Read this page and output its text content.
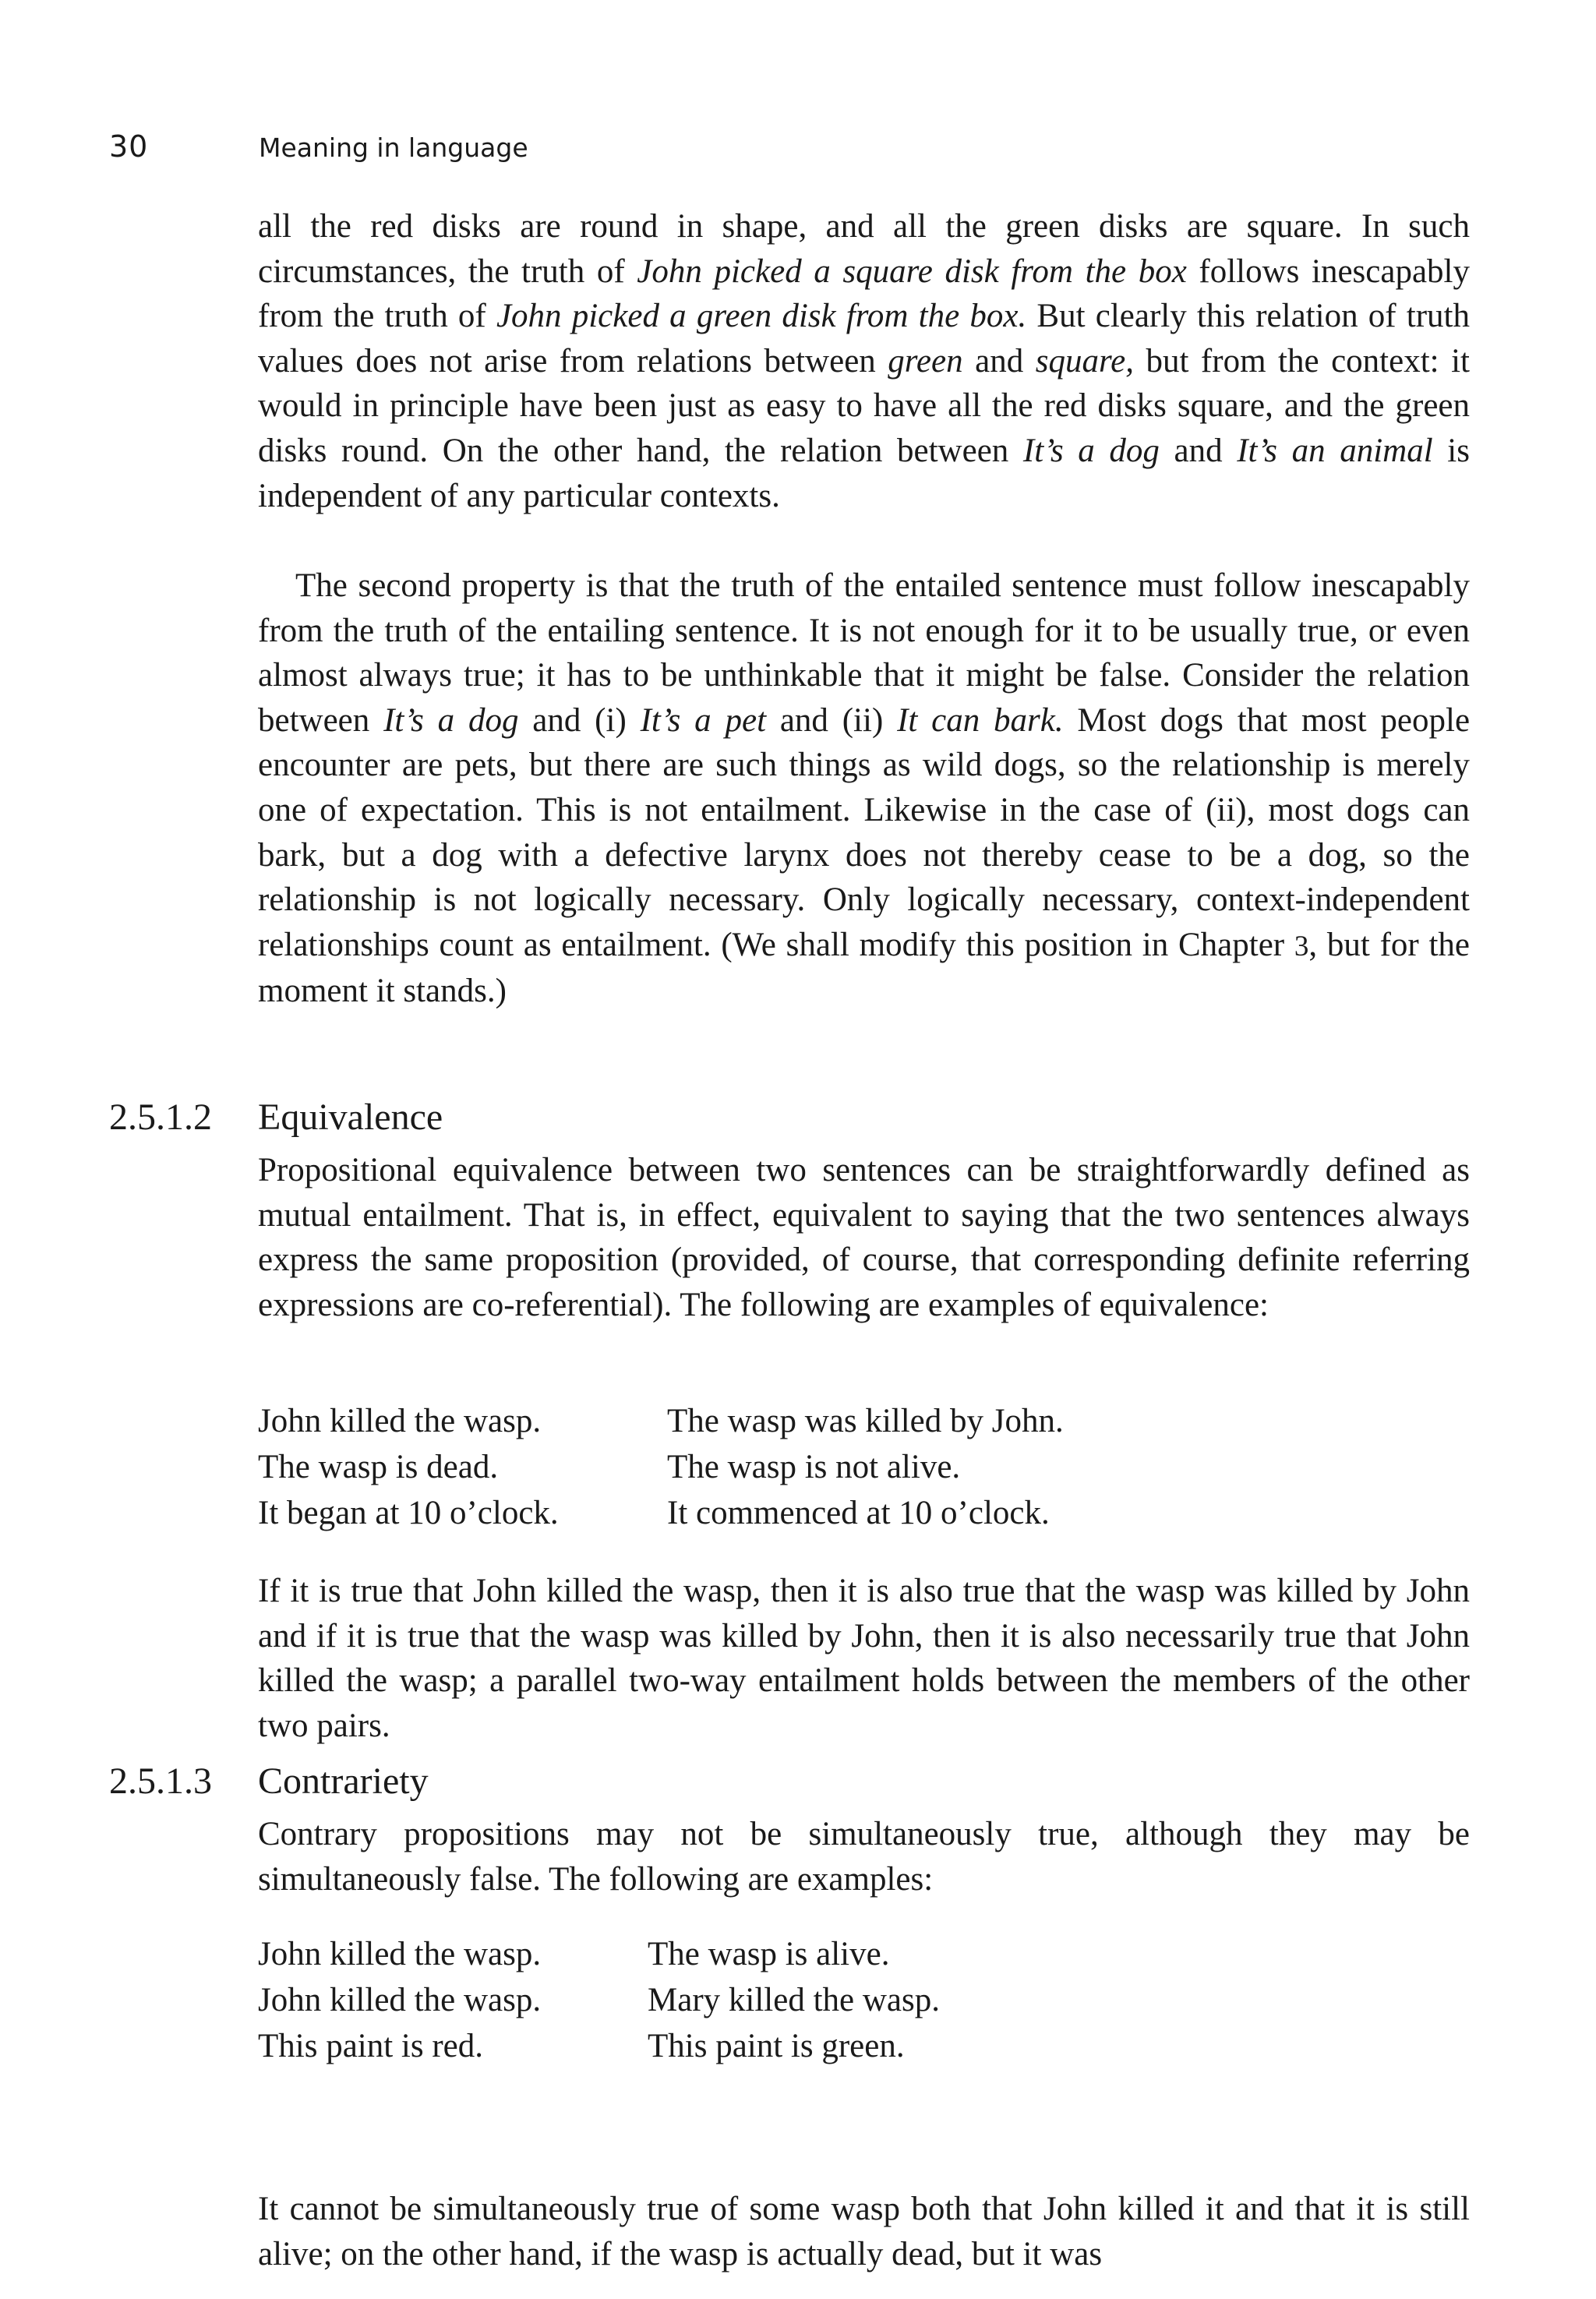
30	Meaning in language

all the red disks are round in shape, and all the green disks are square. In such circumstances, the truth of John picked a square disk from the box follows inescapably from the truth of John picked a green disk from the box. But clearly this relation of truth values does not arise from relations between green and square, but from the context: it would in principle have been just as easy to have all the red disks square, and the green disks round. On the other hand, the relation between It’s a dog and It’s an animal is independent of any particular contexts.

The second property is that the truth of the entailed sentence must follow inescapably from the truth of the entailing sentence. It is not enough for it to be usually true, or even almost always true; it has to be unthinkable that it might be false. Consider the relation between It’s a dog and (i) It’s a pet and (ii) It can bark. Most dogs that most people encounter are pets, but there are such things as wild dogs, so the relationship is merely one of expectation. This is not entailment. Likewise in the case of (ii), most dogs can bark, but a dog with a defective larynx does not thereby cease to be a dog, so the relationship is not logically necessary. Only logically necessary, context-independent relationships count as entailment. (We shall modify this position in Chapter 3, but for the moment it stands.)

2.5.1.2 Equivalence

Propositional equivalence between two sentences can be straightforwardly defined as mutual entailment. That is, in effect, equivalent to saying that the two sentences always express the same proposition (provided, of course, that corresponding definite referring expressions are co-referential). The following are examples of equivalence:

John killed the wasp.	The wasp was killed by John.
The wasp is dead.	The wasp is not alive.
It began at 10 o’clock.	It commenced at 10 o’clock.

If it is true that John killed the wasp, then it is also true that the wasp was killed by John and if it is true that the wasp was killed by John, then it is also necessarily true that John killed the wasp; a parallel two-way entailment holds between the members of the other two pairs.

2.5.1.3 Contrariety

Contrary propositions may not be simultaneously true, although they may be simultaneously false. The following are examples:

John killed the wasp.	The wasp is alive.
John killed the wasp.	Mary killed the wasp.
This paint is red.	This paint is green.

It cannot be simultaneously true of some wasp both that John killed it and that it is still alive; on the other hand, if the wasp is actually dead, but it was
